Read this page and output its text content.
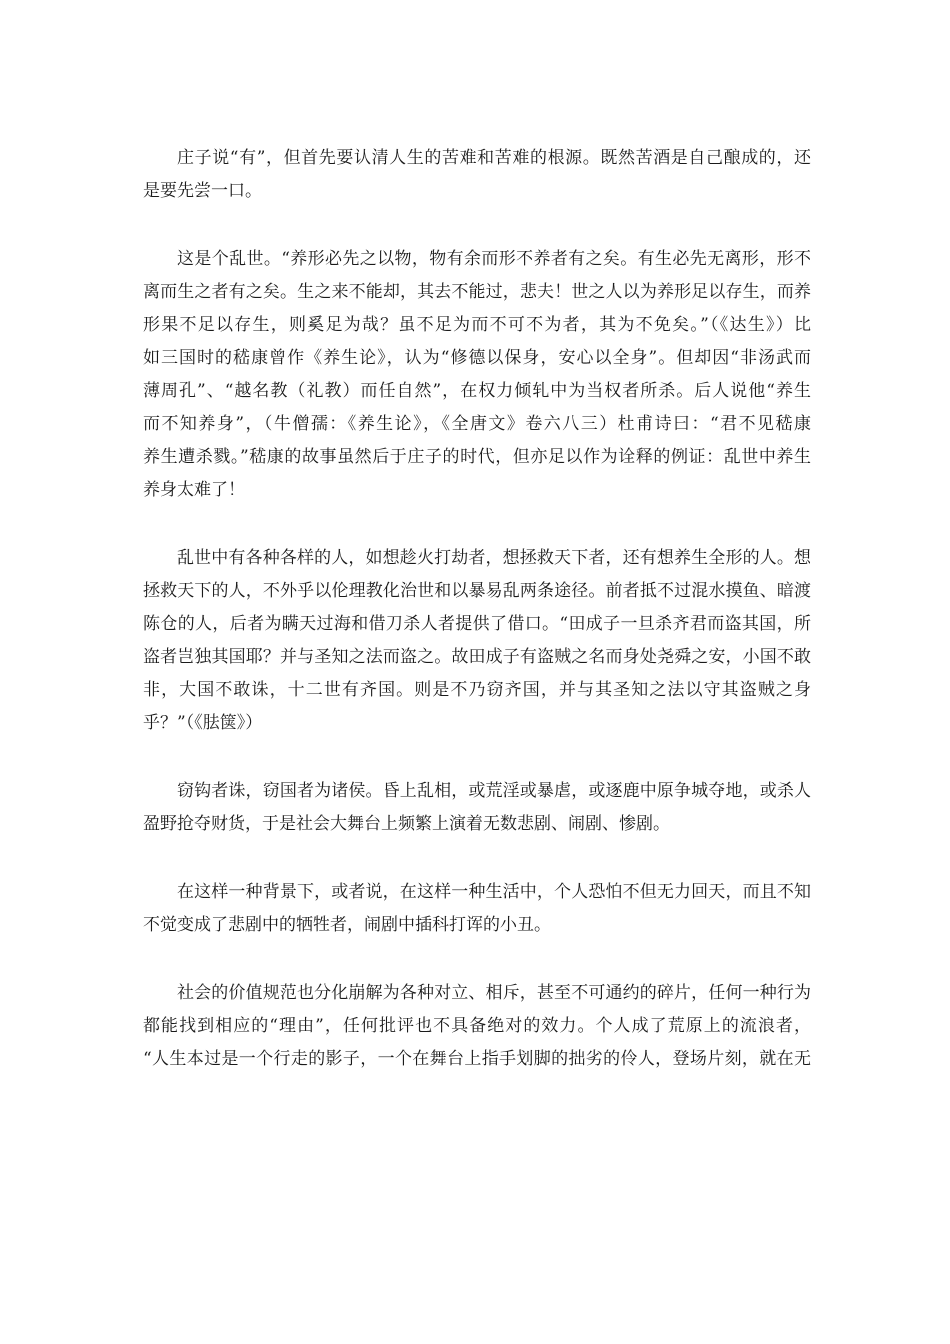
庄子说“有”，但首先要认清人生的苦难和苦难的根源。既然苦酒是自己酿成的，还
是要先尝一口。

这是个乱世。“养形必先之以物，物有余而形不养者有之矣。有生必先无离形，形不
离而生之者有之矣。生之来不能却，其去不能过，悲夫！世之人以为养形足以存生，而养
形果不足以存生，则奚足为哉？虽不足为而不可不为者，其为不免矣。”（《达生》）比
如三国时的嵇康曾作《养生论》，认为“修德以保身，安心以全身”。但却因“非汤武而
薄周孔”、“越名教（礼教）而任自然”，在权力倾轧中为当权者所杀。后人说他“养生
而不知养身”，（牛僧孺：《养生论》，《全唐文》卷六八三）杜甫诗曰：“君不见嵇康
养生遭杀戮。”嵇康的故事虽然后于庄子的时代，但亦足以作为诠释的例证：乱世中养生
养身太难了！

乱世中有各种各样的人，如想趁火打劫者，想拯救天下者，还有想养生全形的人。想
拯救天下的人，不外乎以伦理教化治世和以暴易乱两条途径。前者抵不过混水摸鱼、暗渡
陈仓的人，后者为瞒天过海和借刀杀人者提供了借口。“田成子一旦杀齐君而盗其国，所
盗者岂独其国耶？并与圣知之法而盗之。故田成子有盗贼之名而身处尧舜之安，小国不敢
非，大国不敢诛，十二世有齐国。则是不乃窃齐国，并与其圣知之法以守其盗贼之身
乎？”（《胠箧》）

窃钩者诛，窃国者为诸侯。昏上乱相，或荒淫或暴虐，或逐鹿中原争城夺地，或杀人
盈野抢夺财货，于是社会大舞台上频繁上演着无数悲剧、闹剧、惨剧。

在这样一种背景下，或者说，在这样一种生活中，个人恐怕不但无力回天，而且不知
不觉变成了悲剧中的牺牲者，闹剧中插科打诨的小丑。

社会的价值规范也分化崩解为各种对立、相斥，甚至不可通约的碎片，任何一种行为
都能找到相应的“理由”，任何批评也不具备绝对的效力。个人成了荒原上的流浪者，
“人生本过是一个行走的影子，一个在舞台上指手划脚的拙劣的伶人，登场片刻，就在无
